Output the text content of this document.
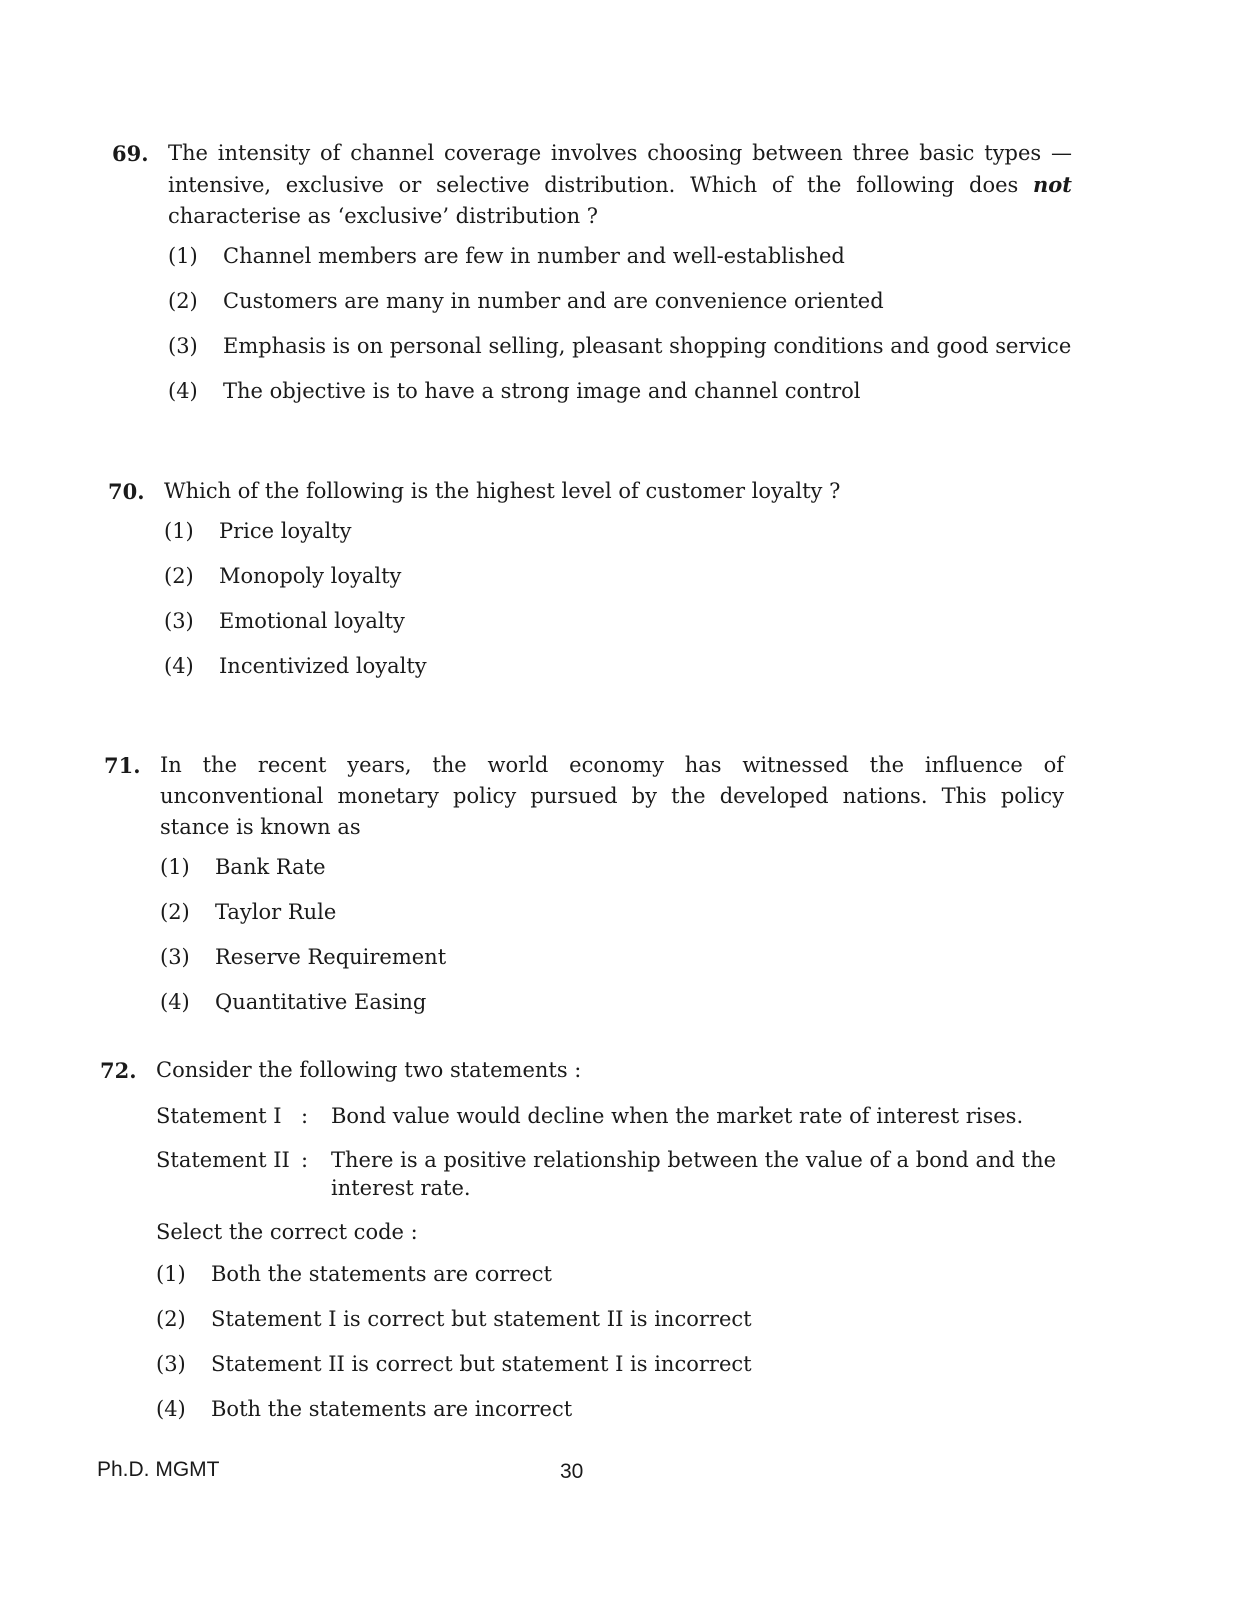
69. The intensity of channel coverage involves choosing between three basic types — intensive, exclusive or selective distribution. Which of the following does not characterise as ‘exclusive’ distribution ?
(1)	Channel members are few in number and well-established
(2)	Customers are many in number and are convenience oriented
(3)	Emphasis is on personal selling, pleasant shopping conditions and good service
(4)	The objective is to have a strong image and channel control
70. Which of the following is the highest level of customer loyalty ?
(1)	Price loyalty
(2)	Monopoly loyalty
(3)	Emotional loyalty
(4)	Incentivized loyalty
71. In the recent years, the world economy has witnessed the influence of unconventional monetary policy pursued by the developed nations. This policy stance is known as
(1)	Bank Rate
(2)	Taylor Rule
(3)	Reserve Requirement
(4)	Quantitative Easing
72. Consider the following two statements :
Statement I :	Bond value would decline when the market rate of interest rises.
Statement II :	There is a positive relationship between the value of a bond and the interest rate.
Select the correct code :
(1)	Both the statements are correct
(2)	Statement I is correct but statement II is incorrect
(3)	Statement II is correct but statement I is incorrect
(4)	Both the statements are incorrect
Ph.D. MGMT	30
